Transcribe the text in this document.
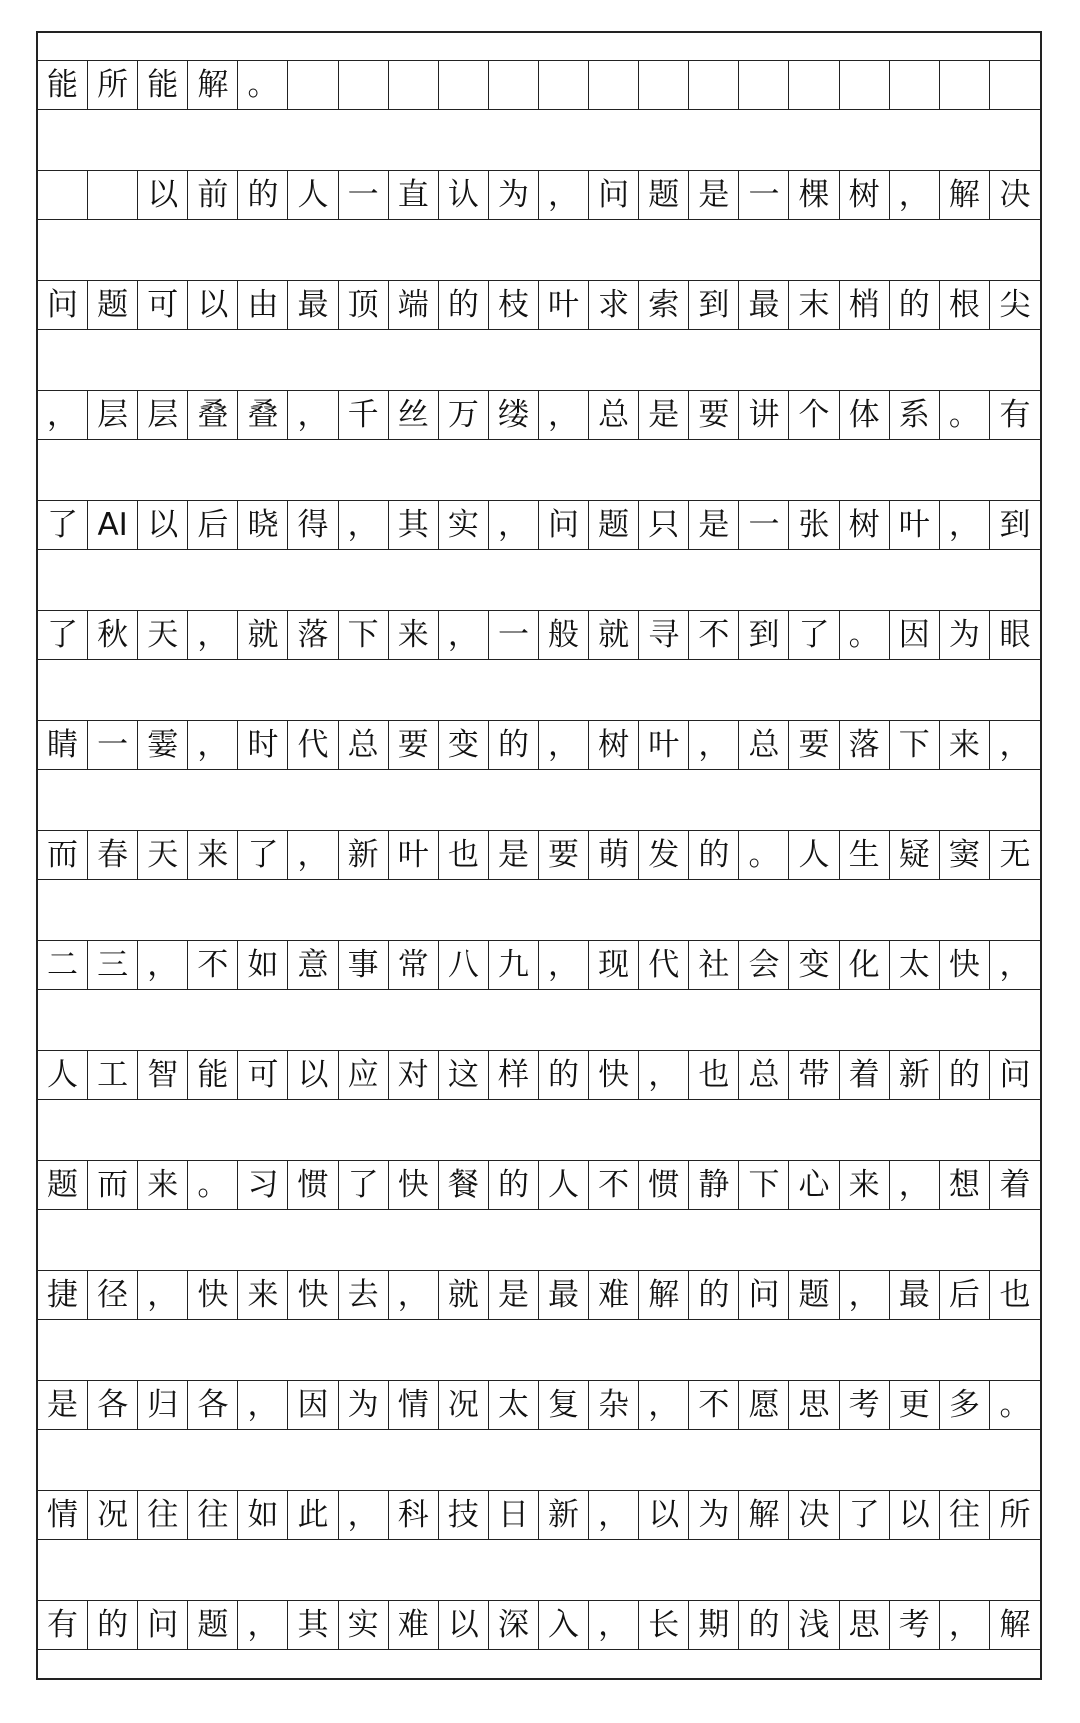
能 所 能 解 。
以 前 的 人 一 直 认 为 ， 问 题 是 一 棵 树 ， 解 决
问 题 可 以 由 最 顶 端 的 枝 叶 求 索 到 最 末 梢 的 根 尖
， 层 层 叠 叠 ， 千 丝 万 缕 ， 总 是 要 讲 个 体 系 。 有
了 AI 以 后 晓 得 ， 其 实 ， 问 题 只 是 一 张 树 叶 ， 到
了 秋 天 ， 就 落 下 来 ， 一 般 就 寻 不 到 了 。 因 为 眼
睛 一 霎 ， 时 代 总 要 变 的 ， 树 叶 ， 总 要 落 下 来 ，
而 春 天 来 了 ， 新 叶 也 是 要 萌 发 的 。 人 生 疑 窦 无
二 三 ， 不 如 意 事 常 八 九 ， 现 代 社 会 变 化 太 快 ，
人 工 智 能 可 以 应 对 这 样 的 快 ， 也 总 带 着 新 的 问
题 而 来 。 习 惯 了 快 餐 的 人 不 惯 静 下 心 来 ， 想 着
捷 径 ， 快 来 快 去 ， 就 是 最 难 解 的 问 题 ， 最 后 也
是 各 归 各 ， 因 为 情 况 太 复 杂 ， 不 愿 思 考 更 多 。
情 况 往 往 如 此 ， 科 技 日 新 ， 以 为 解 决 了 以 往 所
有 的 问 题 ， 其 实 难 以 深 入 ， 长 期 的 浅 思 考 ， 解
